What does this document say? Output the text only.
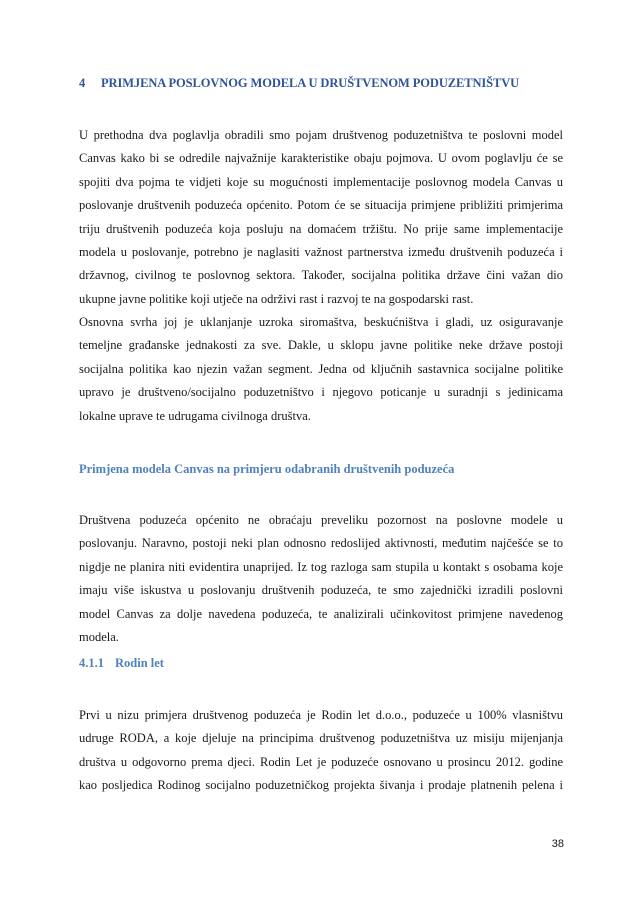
4 PRIMJENA POSLOVNOG MODELA U DRUŠTVENOM PODUZETNIŠTVU
U prethodna dva poglavlja obradili smo pojam društvenog poduzetništva te poslovni model
Canvas kako bi se odredile najvažnije karakteristike obaju pojmova. U ovom poglavlju će se
spojiti dva pojma te vidjeti koje su mogućnosti implementacije poslovnog modela Canvas u
poslovanje društvenih poduzeća općenito. Potom će se situacija primjene približiti primjerima
triju društvenih poduzeća koja posluju na domaćem tržištu. No prije same implementacije
modela u poslovanje, potrebno je naglasiti važnost partnerstva između društvenih poduzeća i
državnog, civilnog te poslovnog sektora. Također, socijalna politika države čini važan dio
ukupne javne politike koji utječe na održivi rast i razvoj te na gospodarski rast.
Osnovna svrha joj je uklanjanje uzroka siromaštva, beskućništva i gladi, uz osiguravanje
temeljne građanske jednakosti za sve. Dakle, u sklopu javne politike neke države postoji
socijalna politika kao njezin važan segment. Jedna od ključnih sastavnica socijalne politike
upravo je društveno/socijalno poduzetništvo i njegovo poticanje u suradnji s jedinicama
lokalne uprave te udrugama civilnoga društva.
Primjena modela Canvas na primjeru odabranih društvenih poduzeća
Društvena poduzeća općenito ne obraćaju preveliku pozornost na poslovne modele u
poslovanju. Naravno, postoji neki plan odnosno redoslijed aktivnosti, međutim najčešće se to
nigdje ne planira niti evidentira unaprijed. Iz tog razloga sam stupila u kontakt s osobama koje
imaju više iskustva u poslovanju društvenih poduzeća, te smo zajednički izradili poslovni
model Canvas za dolje navedena poduzeća, te analizirali učinkovitost primjene navedenog
modela.
4.1.1 Rodin let
Prvi u nizu primjera društvenog poduzeća je Rodin let d.o.o., poduzeće u 100% vlasništvu
udruge RODA, a koje djeluje na principima društvenog poduzetništva uz misiju mijenjanja
društva u odgovorno prema djeci. Rodin Let je poduzeće osnovano u prosincu 2012. godine
kao posljedica Rodinog socijalno poduzetničkog projekta šivanja i prodaje platnenih pelena i
38
